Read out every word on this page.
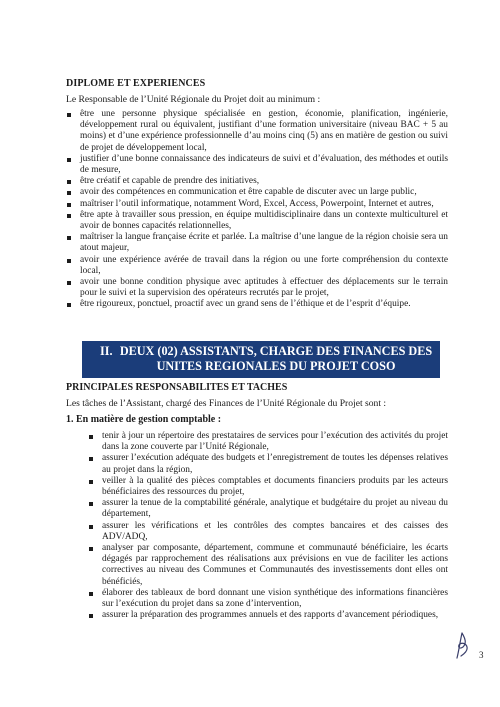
DIPLOME ET EXPERIENCES
Le Responsable de l’Unité Régionale du Projet doit au minimum :
être une personne physique spécialisée en gestion, économie, planification, ingénierie, développement rural ou équivalent, justifiant d’une formation universitaire (niveau BAC + 5 au moins) et d’une expérience professionnelle d’au moins cinq (5) ans en matière de gestion ou suivi de projet de développement local,
justifier d’une bonne connaissance des indicateurs de suivi et d’évaluation, des méthodes et outils de mesure,
être créatif et capable de prendre des initiatives,
avoir des compétences en communication et être capable de discuter avec un large public,
maîtriser l’outil informatique, notamment Word, Excel, Access, Powerpoint, Internet et autres,
être apte à travailler sous pression, en équipe multidisciplinaire dans un contexte multiculturel et avoir de bonnes capacités relationnelles,
maîtriser la langue française écrite et parlée. La maîtrise d’une langue de la région choisie sera un atout majeur,
avoir une expérience avérée de travail dans la région ou une forte compréhension du contexte local,
avoir une bonne condition physique avec aptitudes à effectuer des déplacements sur le terrain pour le suivi et la supervision des opérateurs recrutés par le projet,
être rigoureux, ponctuel, proactif avec un grand sens de l’éthique et de l’esprit d’équipe.
II. DEUX (02) ASSISTANTS, CHARGE DES FINANCES DES UNITES REGIONALES DU PROJET COSO
PRINCIPALES RESPONSABILITES ET TACHES
Les tâches de l’Assistant, chargé des Finances de l’Unité Régionale du Projet sont :
1. En matière de gestion comptable :
tenir à jour un répertoire des prestataires de services pour l’exécution des activités du projet dans la zone couverte par l’Unité Régionale,
assurer l’exécution adéquate des budgets et l’enregistrement de toutes les dépenses relatives au projet dans la région,
veiller à la qualité des pièces comptables et documents financiers produits par les acteurs bénéficiaires des ressources du projet,
assurer la tenue de la comptabilité générale, analytique et budgétaire du projet au niveau du département,
assurer les vérifications et les contrôles des comptes bancaires et des caisses des ADV/ADQ,
analyser par composante, département, commune et communauté bénéficiaire, les écarts dégagés par rapprochement des réalisations aux prévisions en vue de faciliter les actions correctives au niveau des Communes et Communautés des investissements dont elles ont bénéficiés,
élaborer des tableaux de bord donnant une vision synthétique des informations financières sur l’exécution du projet dans sa zone d’intervention,
assurer la préparation des programmes annuels et des rapports d’avancement périodiques,
3
